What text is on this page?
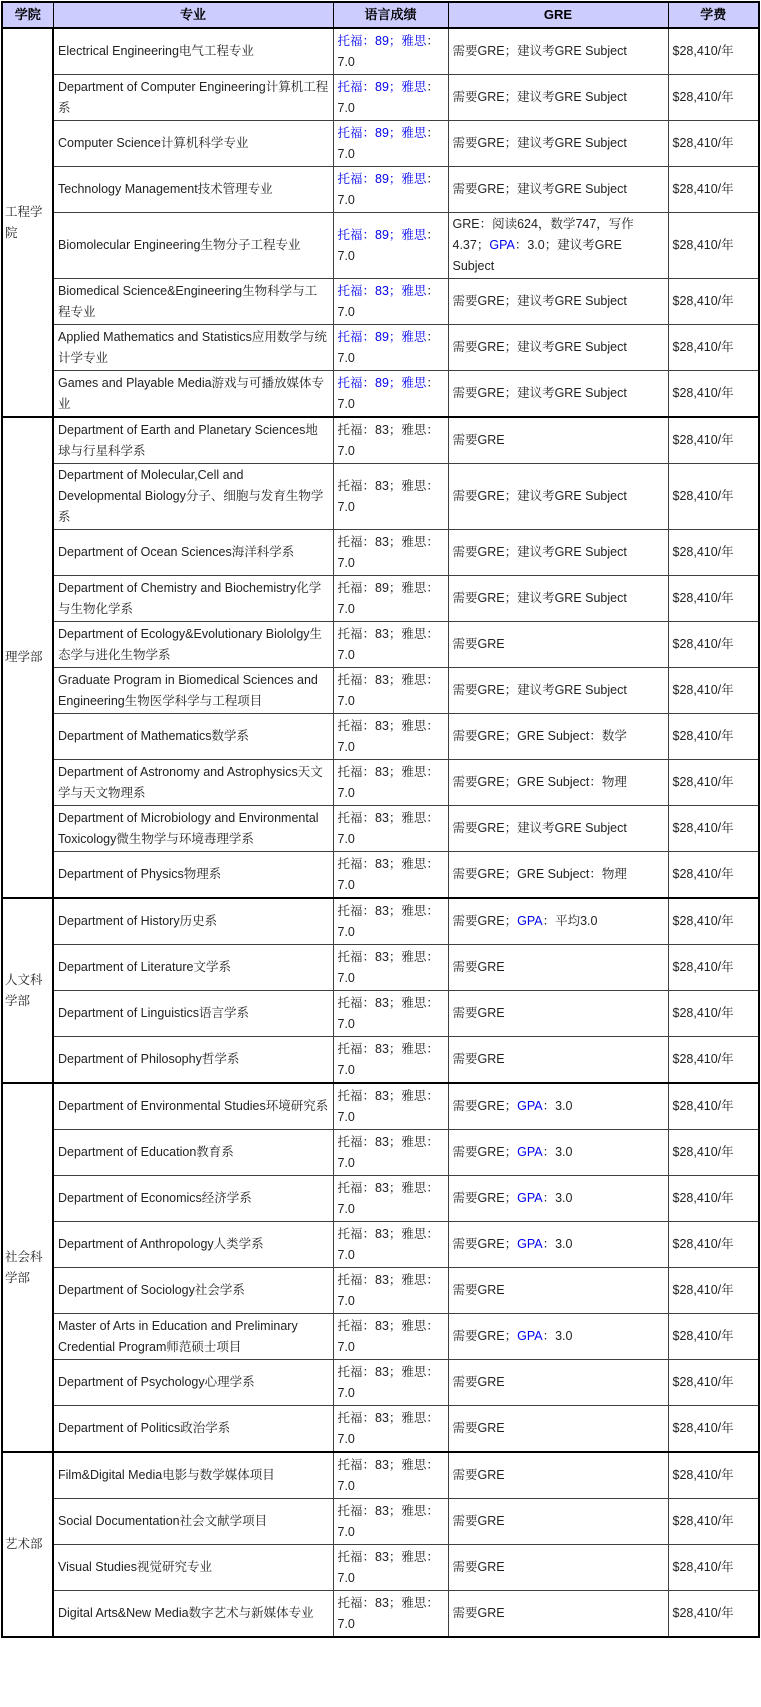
学院	专业	语言成绩	GRE	学费
工程学院	Electrical Engineering电气工程专业	托福：89；雅思：7.0	需要GRE；建议考GRE Subject	$28,410/年
	Department of Computer Engineering计算机工程系	托福：89；雅思：7.0	需要GRE；建议考GRE Subject	$28,410/年
	Computer Science计算机科学专业	托福：89；雅思：7.0	需要GRE；建议考GRE Subject	$28,410/年
	Technology Management技术管理专业	托福：89；雅思：7.0	需要GRE；建议考GRE Subject	$28,410/年
	Biomolecular Engineering生物分子工程专业	托福：89；雅思：7.0	GRE：阅读624，数学747，写作4.37；GPA：3.0；建议考GRE Subject	$28,410/年
	Biomedical Science&Engineering生物科学与工程专业	托福：83；雅思：7.0	需要GRE；建议考GRE Subject	$28,410/年
	Applied Mathematics and Statistics应用数学与统计学专业	托福：89；雅思：7.0	需要GRE；建议考GRE Subject	$28,410/年
	Games and Playable Media游戏与可播放媒体专业	托福：89；雅思：7.0	需要GRE；建议考GRE Subject	$28,410/年
理学部	Department of Earth and Planetary Sciences地球与行星科学系	托福：83；雅思：7.0	需要GRE	$28,410/年
	Department of Molecular,Cell and Developmental Biology分子、细胞与发育生物学系	托福：83；雅思：7.0	需要GRE；建议考GRE Subject	$28,410/年
	Department of Ocean Sciences海洋科学系	托福：83；雅思：7.0	需要GRE；建议考GRE Subject	$28,410/年
	Department of Chemistry and Biochemistry化学与生物化学系	托福：89；雅思：7.0	需要GRE；建议考GRE Subject	$28,410/年
	Department of Ecology&Evolutionary Biololgy生态学与进化生物学系	托福：83；雅思：7.0	需要GRE	$28,410/年
	Graduate Program in Biomedical Sciences and Engineering生物医学科学与工程项目	托福：83；雅思：7.0	需要GRE；建议考GRE Subject	$28,410/年
	Department of Mathematics数学系	托福：83；雅思：7.0	需要GRE；GRE Subject：数学	$28,410/年
	Department of Astronomy and Astrophysics天文学与天文物理系	托福：83；雅思：7.0	需要GRE；GRE Subject：物理	$28,410/年
	Department of Microbiology and Environmental Toxicology微生物学与环境毒理学系	托福：83；雅思：7.0	需要GRE；建议考GRE Subject	$28,410/年
	Department of Physics物理系	托福：83；雅思：7.0	需要GRE；GRE Subject：物理	$28,410/年
人文科学部	Department of History历史系	托福：83；雅思：7.0	需要GRE；GPA：平均3.0	$28,410/年
	Department of Literature文学系	托福：83；雅思：7.0	需要GRE	$28,410/年
	Department of Linguistics语言学系	托福：83；雅思：7.0	需要GRE	$28,410/年
	Department of Philosophy哲学系	托福：83；雅思：7.0	需要GRE	$28,410/年
社会科学部	Department of Environmental Studies环境研究系	托福：83；雅思：7.0	需要GRE；GPA：3.0	$28,410/年
	Department of Education教育系	托福：83；雅思：7.0	需要GRE；GPA：3.0	$28,410/年
	Department of Economics经济学系	托福：83；雅思：7.0	需要GRE；GPA：3.0	$28,410/年
	Department of Anthropology人类学系	托福：83；雅思：7.0	需要GRE；GPA：3.0	$28,410/年
	Department of Sociology社会学系	托福：83；雅思：7.0	需要GRE	$28,410/年
	Master of Arts in Education and Preliminary Credential Program师范硕士项目	托福：83；雅思：7.0	需要GRE；GPA：3.0	$28,410/年
	Department of Psychology心理学系	托福：83；雅思：7.0	需要GRE	$28,410/年
	Department of Politics政治学系	托福：83；雅思：7.0	需要GRE	$28,410/年
艺术部	Film&Digital Media电影与数学媒体项目	托福：83；雅思：7.0	需要GRE	$28,410/年
	Social Documentation社会文献学项目	托福：83；雅思：7.0	需要GRE	$28,410/年
	Visual Studies视觉研究专业	托福：83；雅思：7.0	需要GRE	$28,410/年
	Digital Arts&New Media数字艺术与新媒体专业	托福：83；雅思：7.0	需要GRE	$28,410/年
